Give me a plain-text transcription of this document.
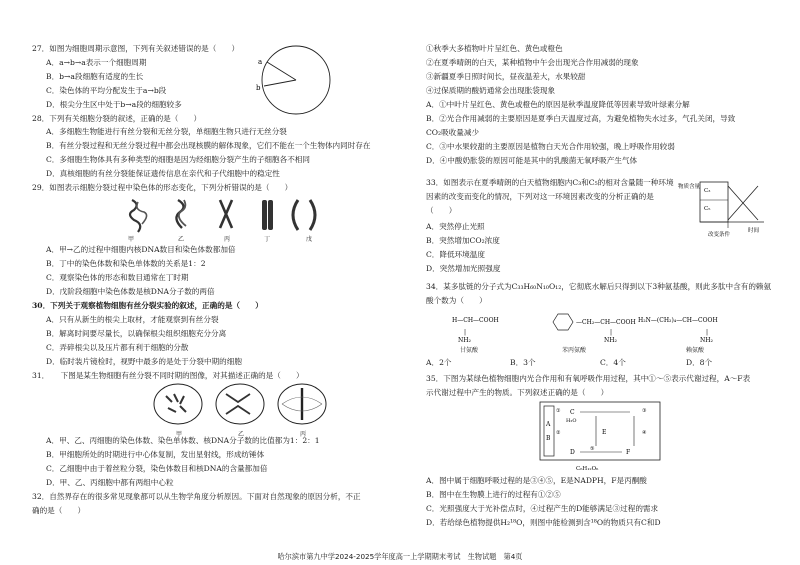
27．如图为细胞周期示意图，下列有关叙述错误的是（　　）
A．a→b→a表示一个细胞周期
B．b→a段细胞有适度的生长
C．染色体的平均分配发生于a→b段
D．根尖分生区中处于b→a段的细胞较多
a
b
28．下列有关细胞分裂的叙述，正确的是（　　）
A．多细胞生物能进行有丝分裂和无丝分裂，单细胞生物只进行无丝分裂
B．有丝分裂过程和无丝分裂过程中都会出现核膜的解体现象，它们不能在一个生物体内同时存在
C．多细胞生物体具有多种类型的细胞是因为经细胞分裂产生的子细胞各不相同
D．真核细胞的有丝分裂能保证遗传信息在亲代和子代细胞中的稳定性
29．如图表示细胞分裂过程中染色体的形态变化，下列分析错误的是（　　）
甲	乙	丙	丁	戊
A．甲→乙的过程中细胞内核DNA数目和染色体数都加倍
B．丁中的染色体数和染色单体数的关系是1：2
C．观察染色体的形态和数目通常在丁时期
D．戊阶段细胞中染色体数是核DNA分子数的两倍
30．下列关于观察植物细胞有丝分裂实验的叙述，正确的是（　　）
A．只有从新生的根尖上取材，才能观察到有丝分裂
B．解离时间要尽量长，以确保根尖组织细胞充分分离
C．弄碎根尖以及压片都有利于细胞的分散
D．临时装片镜检时，视野中最多的是处于分裂中期的细胞
31．　　下图是某生物细胞有丝分裂不同时期的图像，对其描述正确的是（　　）
甲	乙	丙
A．甲、乙、丙细胞的染色体数、染色单体数、核DNA分子数的比值都为1：2：1
B．甲细胞所处的时期进行中心体复制，发出星射线，形成纺锤体
C．乙细胞中由于着丝粒分裂，染色体数目和核DNA的含量都加倍
D．甲、乙、丙细胞中都有两组中心粒
32．自然界存在的很多常见现象都可以从生物学角度分析原因。下面对自然现象的原因分析，不正
确的是（　　）
①秋季大多植物叶片呈红色、黄色或橙色
②在夏季晴朗的白天，某种植物中午会出现光合作用减弱的现象
③新疆夏季日照时间长，昼夜温差大，水果较甜
④过保质期的酸奶通常会出现胀袋现象
A．①中叶片呈红色、黄色或橙色的原因是秋季温度降低等因素导致叶绿素分解
B．②光合作用减弱的主要原因是夏季白天温度过高，为避免植物失水过多，气孔关闭，导致
CO₂吸收量减少
C．③中水果较甜的主要原因是植物白天光合作用较强，晚上呼吸作用较弱
D．④中酸奶胀袋的原因可能是其中的乳酸菌无氧呼吸产生气体
33．如图表示在夏季晴朗的白天植物细胞内C₃和C₅的相对含量随一种环境
因素的改变而变化的情况，下列对这一环境因素改变的分析正确的是
（　　）
A．突然停止光照
B．突然增加CO₂浓度
C．降低环境温度
D．突然增加光照强度
物质含量
C₃
C₅
改变条件
时间
34．某多肽链的分子式为C₃₃H₆₀N₁₀O₁₂，它彻底水解后只得到以下3种氨基酸，则此多肽中含有的赖氨
酸个数为（　　）
H—CH—COOH
|
NH₂
—CH₂—CH—COOH
|
NH₂
H₂N—(CH₂)₄—CH—COOH
|
NH₂
甘氨酸	苯丙氨酸	赖氨酸
A．2个	B．3个	C．4个	D．8个
35．下图为某绿色植物细胞内光合作用和有氧呼吸作用过程，其中①～⑤表示代谢过程，A～F表
示代谢过程中产生的物质。下列叙述正确的是（　　）
A
B
C
H₂O
D
E
F
①
②
③
④
⑤
C₆H₁₂O₆
A．图中属于细胞呼吸过程的是③④⑤，E是NADPH，F是丙酮酸
B．图中在生物膜上进行的过程有①②⑤
C．光照强度大于光补偿点时，④过程产生的D能够满足③过程的需求
D．若给绿色植物提供H₂¹⁸O，则图中能检测到含¹⁸O的物质只有C和D
哈尔滨市第九中学2024-2025学年度高一上学期期末考试　生物试题　第4页
